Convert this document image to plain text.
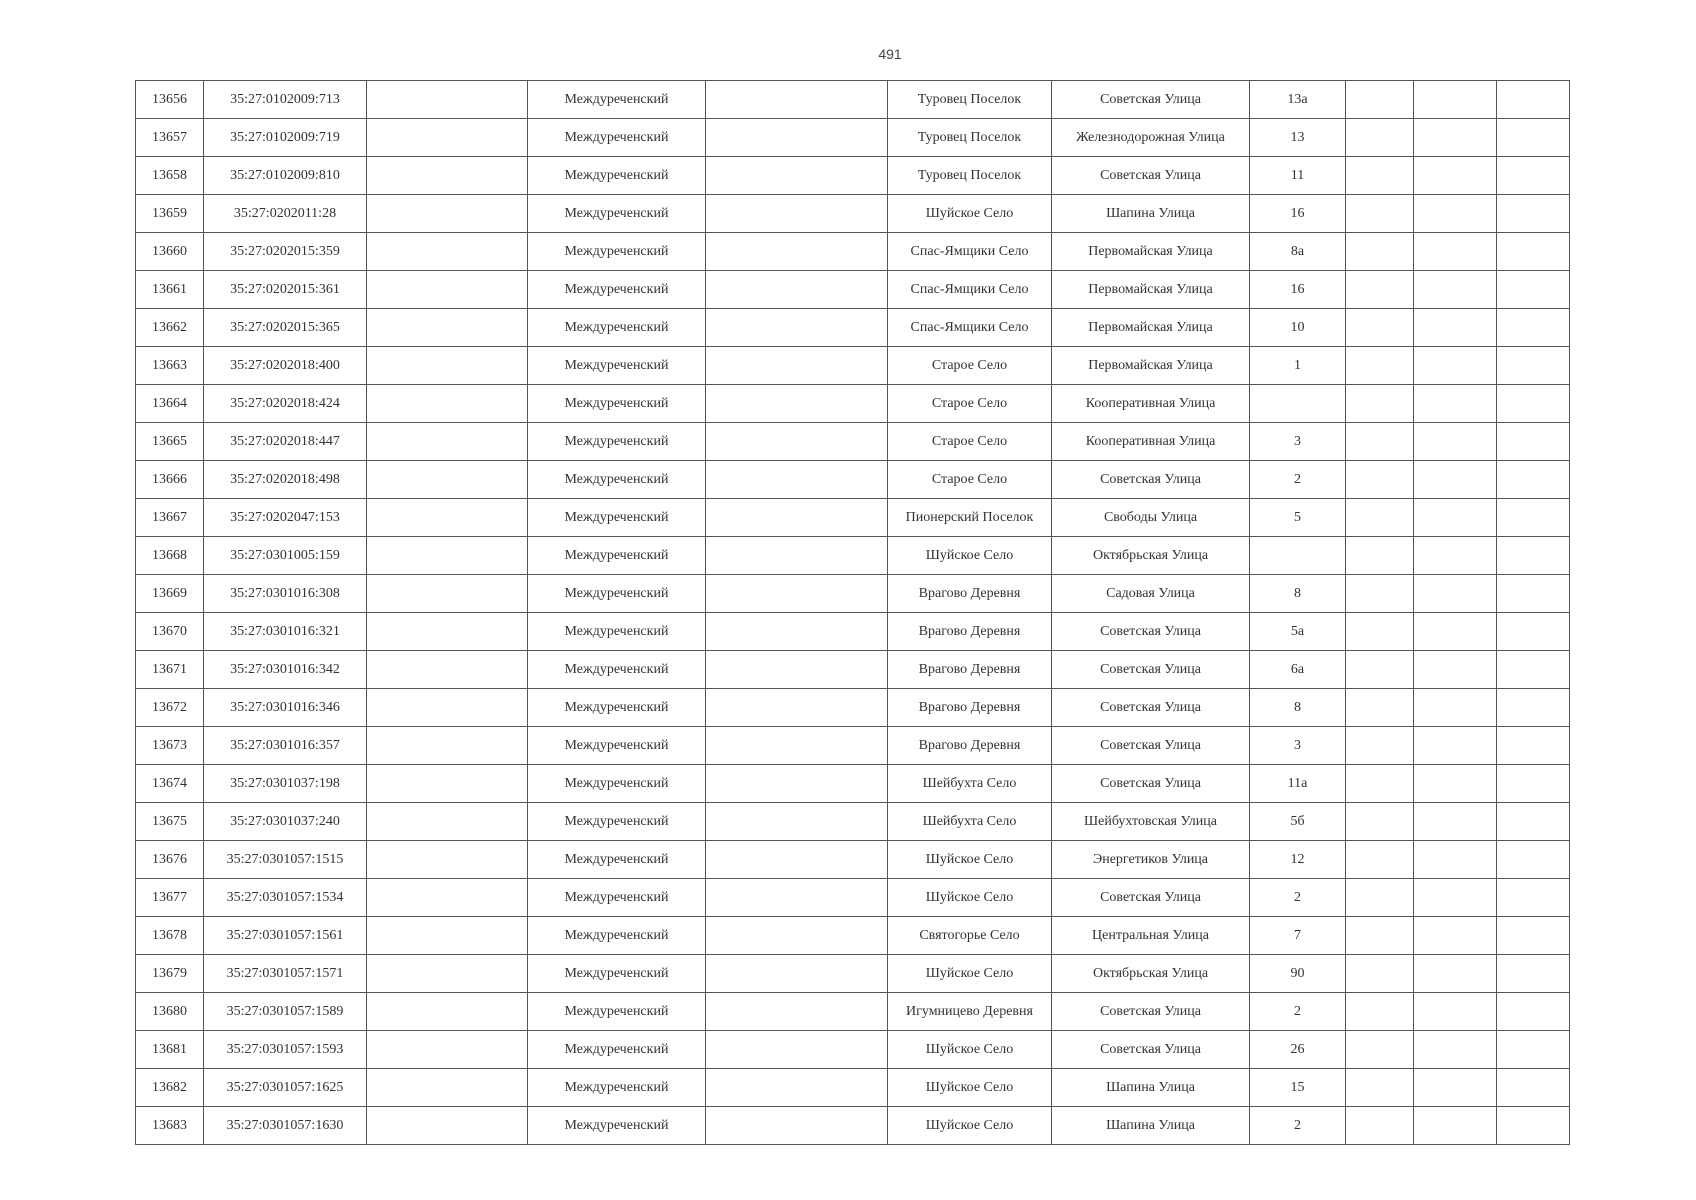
491
13656	35:27:0102009:713		Междуреченский		Туровец Поселок	Советская Улица	13а			
13657	35:27:0102009:719		Междуреченский		Туровец Поселок	Железнодорожная Улица	13			
13658	35:27:0102009:810		Междуреченский		Туровец Поселок	Советская Улица	11			
13659	35:27:0202011:28		Междуреченский		Шуйское Село	Шапина Улица	16			
13660	35:27:0202015:359		Междуреченский		Спас-Ямщики Село	Первомайская Улица	8а			
13661	35:27:0202015:361		Междуреченский		Спас-Ямщики Село	Первомайская Улица	16			
13662	35:27:0202015:365		Междуреченский		Спас-Ямщики Село	Первомайская Улица	10			
13663	35:27:0202018:400		Междуреченский		Старое Село	Первомайская Улица	1			
13664	35:27:0202018:424		Междуреченский		Старое Село	Кооперативная Улица				
13665	35:27:0202018:447		Междуреченский		Старое Село	Кооперативная Улица	3			
13666	35:27:0202018:498		Междуреченский		Старое Село	Советская Улица	2			
13667	35:27:0202047:153		Междуреченский		Пионерский Поселок	Свободы Улица	5			
13668	35:27:0301005:159		Междуреченский		Шуйское Село	Октябрьская Улица				
13669	35:27:0301016:308		Междуреченский		Врагово Деревня	Садовая Улица	8			
13670	35:27:0301016:321		Междуреченский		Врагово Деревня	Советская Улица	5а			
13671	35:27:0301016:342		Междуреченский		Врагово Деревня	Советская Улица	6а			
13672	35:27:0301016:346		Междуреченский		Врагово Деревня	Советская Улица	8			
13673	35:27:0301016:357		Междуреченский		Врагово Деревня	Советская Улица	3			
13674	35:27:0301037:198		Междуреченский		Шейбухта Село	Советская Улица	11а			
13675	35:27:0301037:240		Междуреченский		Шейбухта Село	Шейбухтовская Улица	5б			
13676	35:27:0301057:1515		Междуреченский		Шуйское Село	Энергетиков Улица	12			
13677	35:27:0301057:1534		Междуреченский		Шуйское Село	Советская Улица	2			
13678	35:27:0301057:1561		Междуреченский		Святогорье Село	Центральная Улица	7			
13679	35:27:0301057:1571		Междуреченский		Шуйское Село	Октябрьская Улица	90			
13680	35:27:0301057:1589		Междуреченский		Игумницево Деревня	Советская Улица	2			
13681	35:27:0301057:1593		Междуреченский		Шуйское Село	Советская Улица	26			
13682	35:27:0301057:1625		Междуреченский		Шуйское Село	Шапина Улица	15			
13683	35:27:0301057:1630		Междуреченский		Шуйское Село	Шапина Улица	2			
